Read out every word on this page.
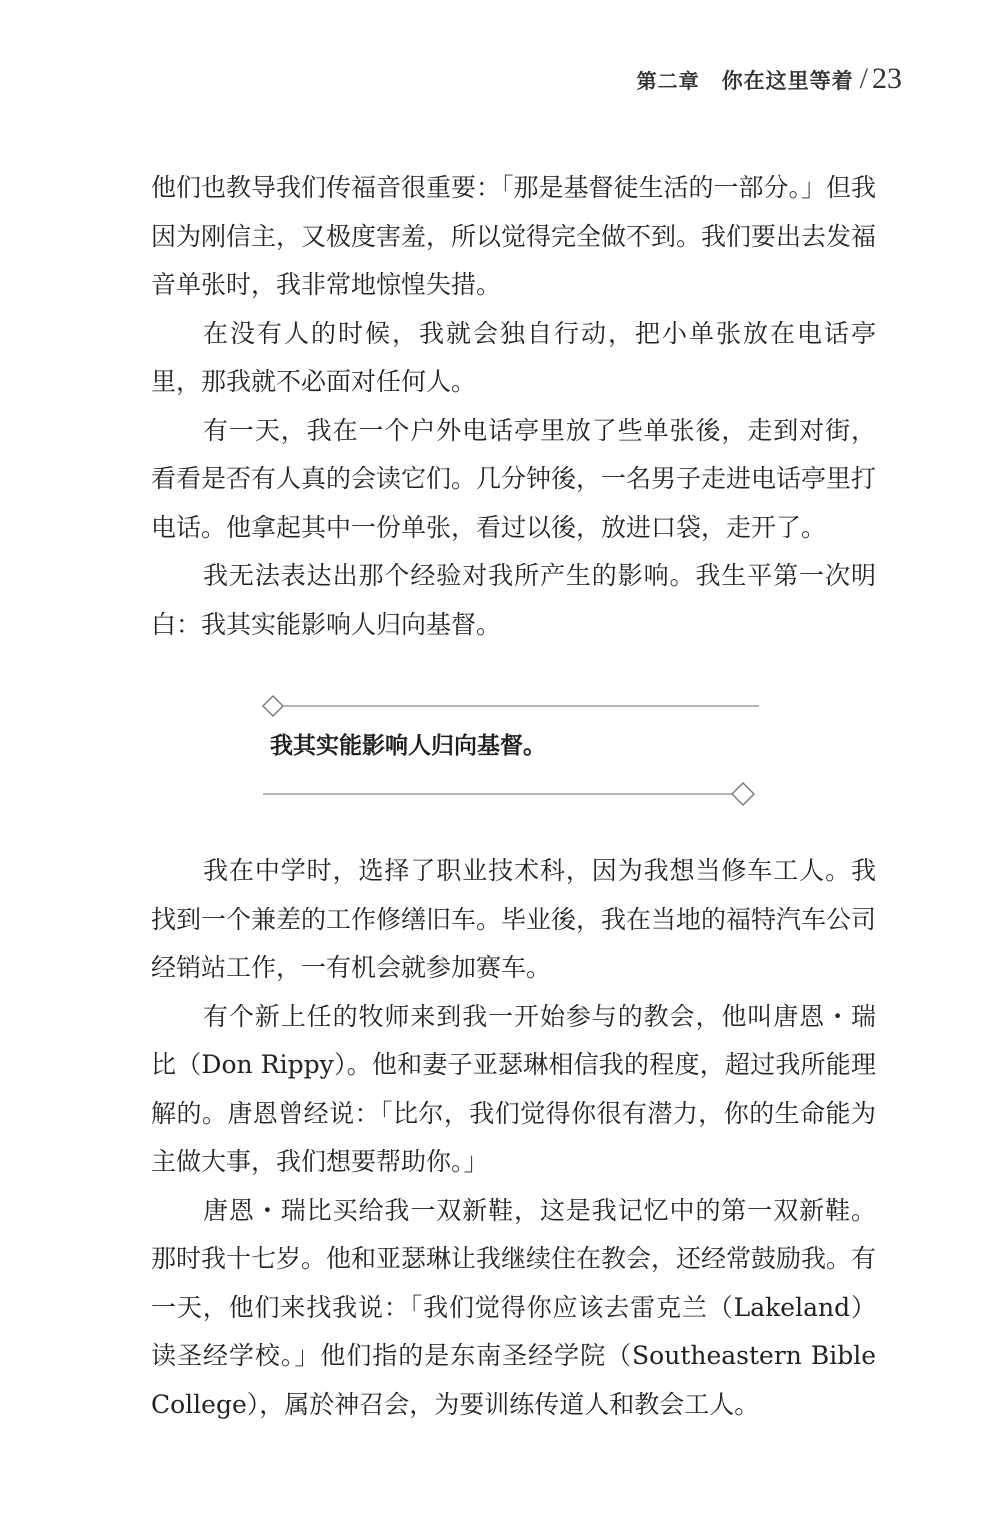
第二章 你在这里等着 / 23

他们也教导我们传福音很重要：「那是基督徒生活的一部分。」但我因为刚信主，又极度害羞，所以觉得完全做不到。我们要出去发福音单张时，我非常地惊惶失措。

在没有人的时候，我就会独自行动，把小单张放在电话亭里，那我就不必面对任何人。

有一天，我在一个户外电话亭里放了些单张後，走到对街，看看是否有人真的会读它们。几分钟後，一名男子走进电话亭里打电话。他拿起其中一份单张，看过以後，放进口袋，走开了。

我无法表达出那个经验对我所产生的影响。我生平第一次明白：我其实能影响人归向基督。

我其实能影响人归向基督。

我在中学时，选择了职业技术科，因为我想当修车工人。我找到一个兼差的工作修缮旧车。毕业後，我在当地的福特汽车公司经销站工作，一有机会就参加赛车。

有个新上任的牧师来到我一开始参与的教会，他叫唐恩・瑞比（Don Rippy）。他和妻子亚瑟琳相信我的程度，超过我所能理解的。唐恩曾经说：「比尔，我们觉得你很有潜力，你的生命能为主做大事，我们想要帮助你。」

唐恩・瑞比买给我一双新鞋，这是我记忆中的第一双新鞋。那时我十七岁。他和亚瑟琳让我继续住在教会，还经常鼓励我。有一天，他们来找我说：「我们觉得你应该去雷克兰（Lakeland）读圣经学校。」他们指的是东南圣经学院（Southeastern Bible College），属於神召会，为要训练传道人和教会工人。
